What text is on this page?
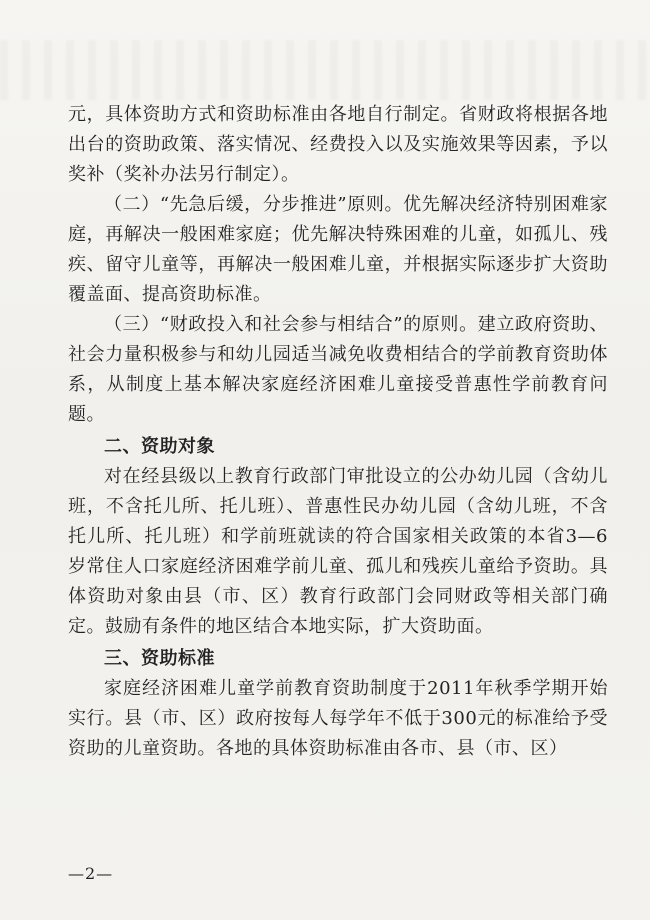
元，具体资助方式和资助标准由各地自行制定。省财政将根据各地出台的资助政策、落实情况、经费投入以及实施效果等因素，予以奖补（奖补办法另行制定）。

（二）“先急后缓，分步推进”原则。优先解决经济特别困难家庭，再解决一般困难家庭；优先解决特殊困难的儿童，如孤儿、残疾、留守儿童等，再解决一般困难儿童，并根据实际逐步扩大资助覆盖面、提高资助标准。

（三）“财政投入和社会参与相结合”的原则。建立政府资助、社会力量积极参与和幼儿园适当减免收费相结合的学前教育资助体系，从制度上基本解决家庭经济困难儿童接受普惠性学前教育问题。

二、资助对象

对在经县级以上教育行政部门审批设立的公办幼儿园（含幼儿班，不含托儿所、托儿班）、普惠性民办幼儿园（含幼儿班，不含托儿所、托儿班）和学前班就读的符合国家相关政策的本省3—6岁常住人口家庭经济困难学前儿童、孤儿和残疾儿童给予资助。具体资助对象由县（市、区）教育行政部门会同财政等相关部门确定。鼓励有条件的地区结合本地实际，扩大资助面。

三、资助标准

家庭经济困难儿童学前教育资助制度于2011年秋季学期开始实行。县（市、区）政府按每人每学年不低于300元的标准给予受资助的儿童资助。各地的具体资助标准由各市、县（市、区）

—2—
